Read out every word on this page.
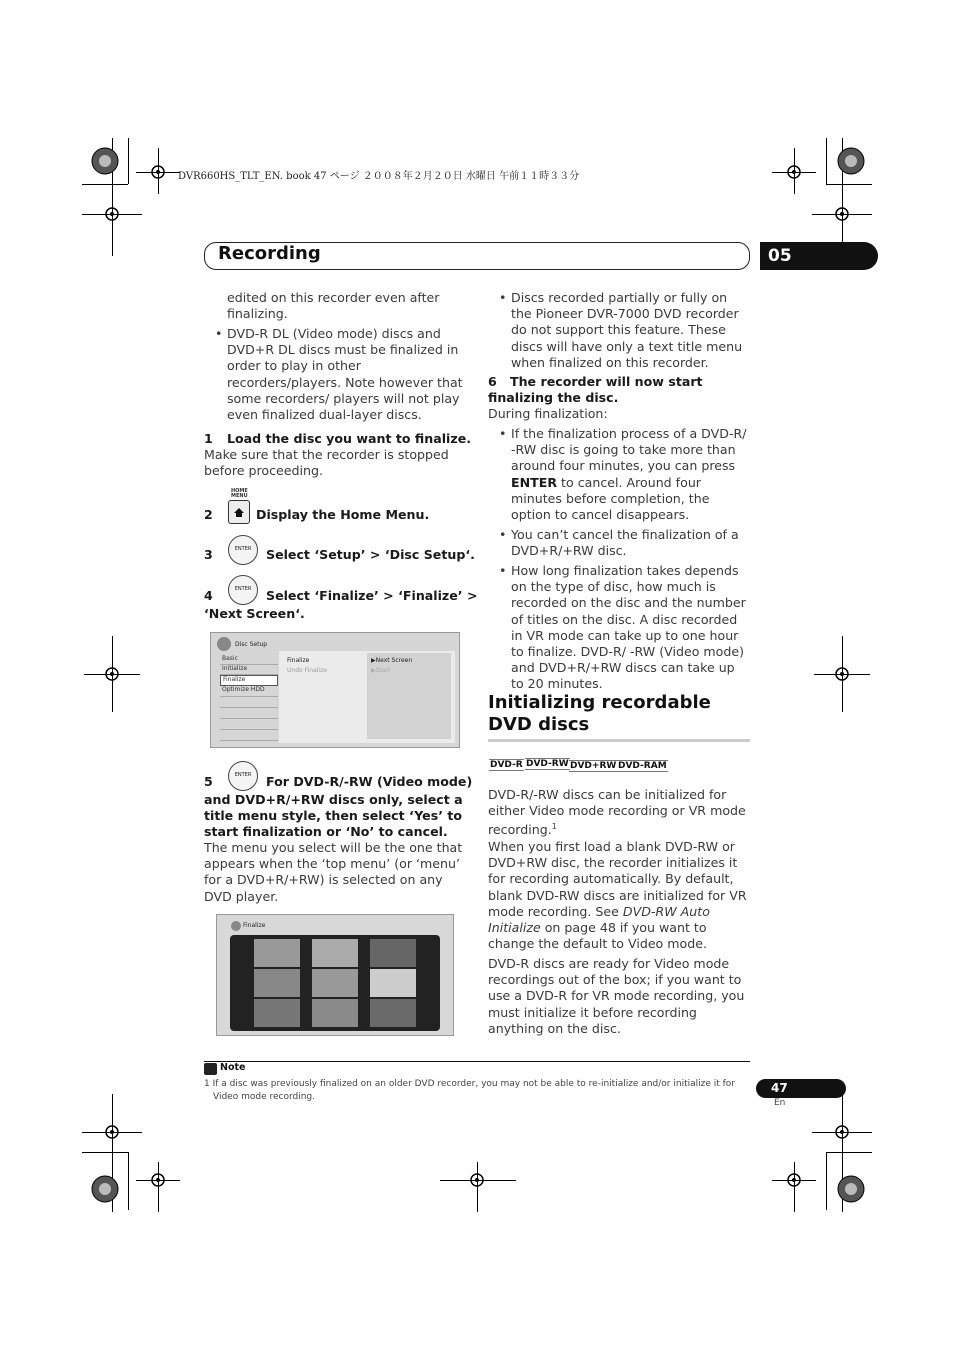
DVR660HS_TLT_EN. book 47 ページ ２００８年２月２０日 水曜日 午前１１時３３分
Recording	05
edited on this recorder even after finalizing.
• DVD-R DL (Video mode) discs and DVD+R DL discs must be finalized in order to play in other recorders/players. Note however that some recorders/ players will not play even finalized dual-layer discs.
1 Load the disc you want to finalize.
Make sure that the recorder is stopped before proceeding.
HOME MENU
2	Display the Home Menu.
ENTER
3	Select ‘Setup’ > ‘Disc Setup‘.
ENTER
4	Select ‘Finalize’ > ‘Finalize’ >
‘Next Screen‘.
Disc Setup
Basic
Initialize
Finalize
Optimize HDD
Finalize
Undo Finalize
▶Next Screen
▶Start
ENTER
5	For DVD-R/-RW (Video mode)
and DVD+R/+RW discs only, select a title menu style, then select ‘Yes’ to start finalization or ‘No’ to cancel.
The menu you select will be the one that appears when the ‘top menu’ (or ‘menu’ for a DVD+R/+RW) is selected on any DVD player.
Finalize
• Discs recorded partially or fully on the Pioneer DVR-7000 DVD recorder do not support this feature. These discs will have only a text title menu when finalized on this recorder.
6	The recorder will now start finalizing the disc.
During finalization:
• If the finalization process of a DVD-R/ -RW disc is going to take more than around four minutes, you can press ENTER to cancel. Around four minutes before completion, the option to cancel disappears.
• You can’t cancel the finalization of a DVD+R/+RW disc.
• How long finalization takes depends on the type of disc, how much is recorded on the disc and the number of titles on the disc. A disc recorded in VR mode can take up to one hour to finalize. DVD-R/ -RW (Video mode) and DVD+R/+RW discs can take up to 20 minutes.
Initializing recordable DVD discs
DVD-R DVD-RW DVD+RW DVD-RAM
DVD-R/-RW discs can be initialized for either Video mode recording or VR mode recording.$^1$
When you first load a blank DVD-RW or DVD+RW disc, the recorder initializes it for recording automatically. By default, blank DVD-RW discs are initialized for VR mode recording. See DVD-RW Auto Initialize on page 48 if you want to change the default to Video mode.
DVD-R discs are ready for Video mode recordings out of the box; if you want to use a DVD-R for VR mode recording, you must initialize it before recording anything on the disc.
Note
1 If a disc was previously finalized on an older DVD recorder, you may not be able to re-initialize and/or initialize it for Video mode recording.
47
En
